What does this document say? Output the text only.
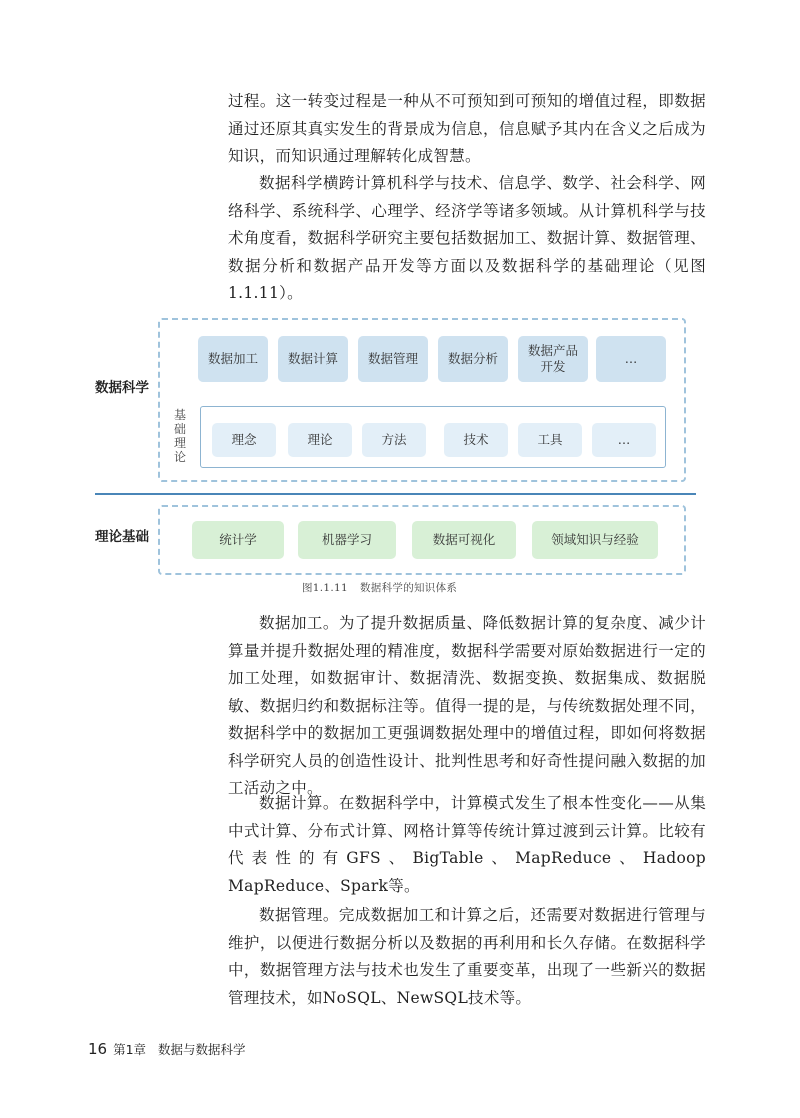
过程。这一转变过程是一种从不可预知到可预知的增值过程，即数据通过还原其真实发生的背景成为信息，信息赋予其内在含义之后成为知识，而知识通过理解转化成智慧。

数据科学横跨计算机科学与技术、信息学、数学、社会科学、网络科学、系统科学、心理学、经济学等诸多领域。从计算机科学与技术角度看，数据科学研究主要包括数据加工、数据计算、数据管理、数据分析和数据产品开发等方面以及数据科学的基础理论（见图1.1.11）。

数据科学
数据加工	数据计算	数据管理	数据分析
数据产品
开发
…
基
础
理
论
理念	理论	方法	技术	工具	…
理论基础	统计学	机器学习	数据可视化	领域知识与经验
图1.1.11 数据科学的知识体系

数据加工。为了提升数据质量、降低数据计算的复杂度、减少计算量并提升数据处理的精准度，数据科学需要对原始数据进行一定的加工处理，如数据审计、数据清洗、数据变换、数据集成、数据脱敏、数据归约和数据标注等。值得一提的是，与传统数据处理不同，数据科学中的数据加工更强调数据处理中的增值过程，即如何将数据科学研究人员的创造性设计、批判性思考和好奇性提问融入数据的加工活动之中。

数据计算。在数据科学中，计算模式发生了根本性变化——从集中式计算、分布式计算、网格计算等传统计算过渡到云计算。比较有代表性的有GFS、BigTable、MapReduce、Hadoop MapReduce、Spark等。

数据管理。完成数据加工和计算之后，还需要对数据进行管理与维护，以便进行数据分析以及数据的再利用和长久存储。在数据科学中，数据管理方法与技术也发生了重要变革，出现了一些新兴的数据管理技术，如NoSQL、NewSQL技术等。

16 第1章 数据与数据科学
